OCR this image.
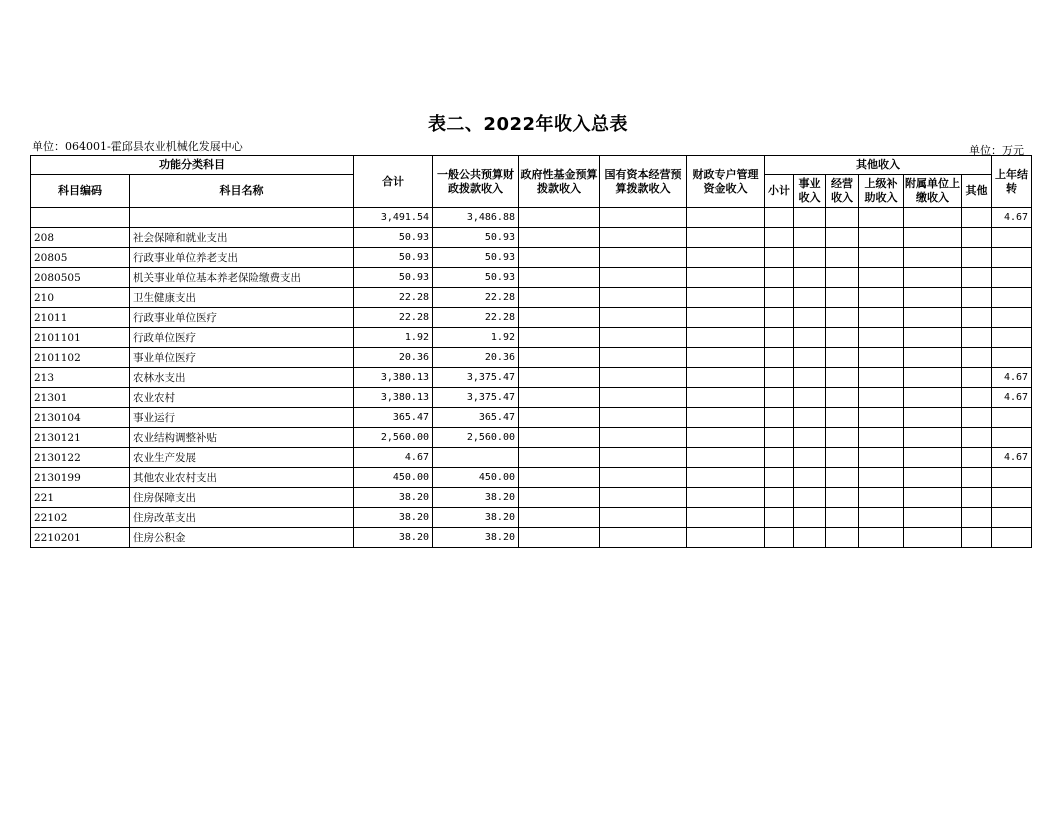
表二、2022年收入总表
单位：064001-霍邱县农业机械化发展中心	单位：万元
功能分类科目		合计	一般公共预算财政拨款收入	政府性基金预算拨款收入	国有资本经营预算拨款收入	财政专户管理资金收入	其他收入						上年结转
科目编码	科目名称						小计	事业收入	经营收入	上级补助收入	附属单位上缴收入	其他	
		3,491.54	3,486.88										4.67
208	社会保障和就业支出	50.93	50.93										
20805	行政事业单位养老支出	50.93	50.93										
2080505	机关事业单位基本养老保险缴费支出	50.93	50.93										
210	卫生健康支出	22.28	22.28										
21011	行政事业单位医疗	22.28	22.28										
2101101	行政单位医疗	1.92	1.92										
2101102	事业单位医疗	20.36	20.36										
213	农林水支出	3,380.13	3,375.47										4.67
21301	农业农村	3,380.13	3,375.47										4.67
2130104	事业运行	365.47	365.47										
2130121	农业结构调整补贴	2,560.00	2,560.00										
2130122	农业生产发展	4.67											4.67
2130199	其他农业农村支出	450.00	450.00										
221	住房保障支出	38.20	38.20										
22102	住房改革支出	38.20	38.20										
2210201	住房公积金	38.20	38.20										
